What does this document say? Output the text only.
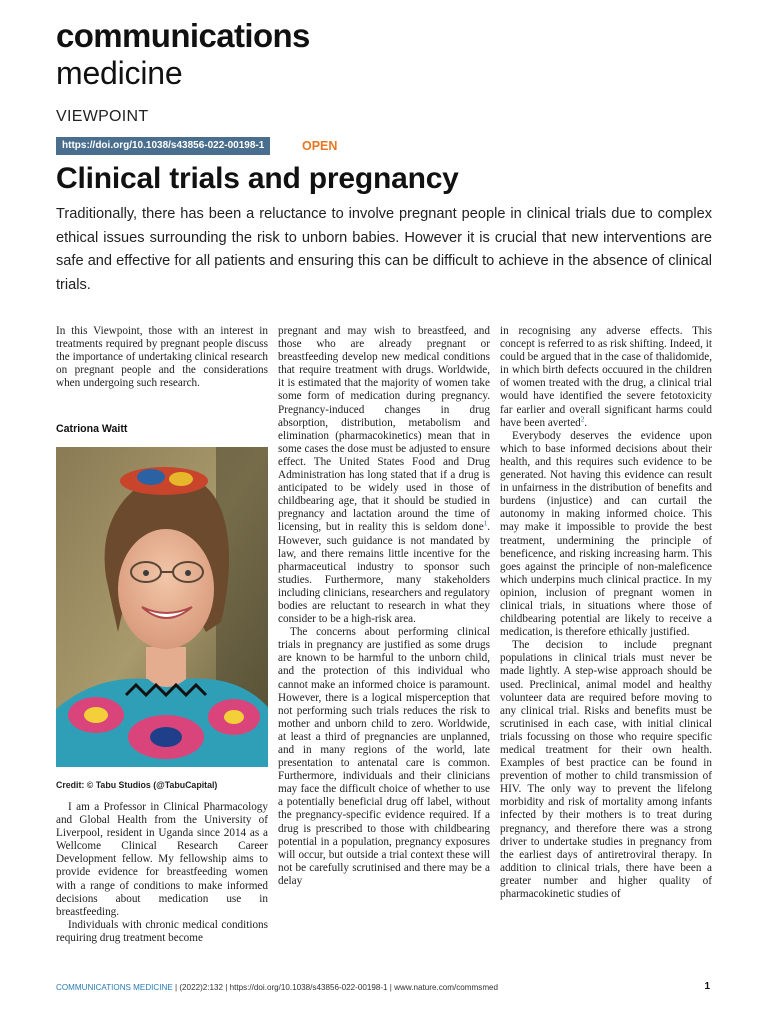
communications
medicine
VIEWPOINT
https://doi.org/10.1038/s43856-022-00198-1	OPEN
Clinical trials and pregnancy

Traditionally, there has been a reluctance to involve pregnant people in clinical trials due to complex ethical issues surrounding the risk to unborn babies. However it is crucial that new interventions are safe and effective for all patients and ensuring this can be difficult to achieve in the absence of clinical trials.

In this Viewpoint, those with an interest in treatments required by pregnant people discuss the importance of undertaking clinical research on pregnant people and the considerations when undergoing such research.

Catriona Waitt
Credit: © Tabu Studios (@TabuCapital)

I am a Professor in Clinical Pharmacology and Global Health from the University of Liverpool, resident in Uganda since 2014 as a Wellcome Clinical Research Career Development fellow. My fellowship aims to provide evidence for breastfeeding women with a range of conditions to make informed decisions about medication use in breastfeeding.

Individuals with chronic medical conditions requiring drug treatment become

pregnant and may wish to breastfeed, and those who are already pregnant or breastfeeding develop new medical conditions that require treatment with drugs. Worldwide, it is estimated that the majority of women take some form of medication during pregnancy. Pregnancy-induced changes in drug absorption, distribution, metabolism and elimination (pharmacokinetics) mean that in some cases the dose must be adjusted to ensure effect. The United States Food and Drug Administration has long stated that if a drug is anticipated to be widely used in those of childbearing age, that it should be studied in pregnancy and lactation around the time of licensing, but in reality this is seldom done$^1$. However, such guidance is not mandated by law, and there remains little incentive for the pharmaceutical industry to sponsor such studies. Furthermore, many stakeholders including clinicians, researchers and regulatory bodies are reluctant to research in what they consider to be a high-risk area.

The concerns about performing clinical trials in pregnancy are justified as some drugs are known to be harmful to the unborn child, and the protection of this individual who cannot make an informed choice is paramount. However, there is a logical misperception that not performing such trials reduces the risk to mother and unborn child to zero. Worldwide, at least a third of pregnancies are unplanned, and in many regions of the world, late presentation to antenatal care is common. Furthermore, individuals and their clinicians may face the difficult choice of whether to use a potentially beneficial drug off label, without the pregnancy-specific evidence required. If a drug is prescribed to those with childbearing potential in a population, pregnancy exposures will occur, but outside a trial context these will not be carefully scrutinised and there may be a delay

in recognising any adverse effects. This concept is referred to as risk shifting. Indeed, it could be argued that in the case of thalidomide, in which birth defects occuured in the children of women treated with the drug, a clinical trial would have identified the severe fetotoxicity far earlier and overall significant harms could have been averted$^2$.

Everybody deserves the evidence upon which to base informed decisions about their health, and this requires such evidence to be generated. Not having this evidence can result in unfairness in the distribution of benefits and burdens (injustice) and can curtail the autonomy in making informed choice. This may make it impossible to provide the best treatment, undermining the principle of beneficence, and risking increasing harm. This goes against the principle of non-maleficence which underpins much clinical practice. In my opinion, inclusion of pregnant women in clinical trials, in situations where those of childbearing potential are likely to receive a medication, is therefore ethically justified.

The decision to include pregnant populations in clinical trials must never be made lightly. A step-wise approach should be used. Preclinical, animal model and healthy volunteer data are required before moving to any clinical trial. Risks and benefits must be scrutinised in each case, with initial clinical trials focussing on those who require specific medical treatment for their own health. Examples of best practice can be found in prevention of mother to child transmission of HIV. The only way to prevent the lifelong morbidity and risk of mortality among infants infected by their mothers is to treat during pregnancy, and therefore there was a strong driver to undertake studies in pregnancy from the earliest days of antiretroviral therapy. In addition to clinical trials, there have been a greater number and higher quality of pharmacokinetic studies of

COMMUNICATIONS MEDICINE | (2022)2:132 | https://doi.org/10.1038/s43856-022-00198-1 | www.nature.com/commsmed	1
